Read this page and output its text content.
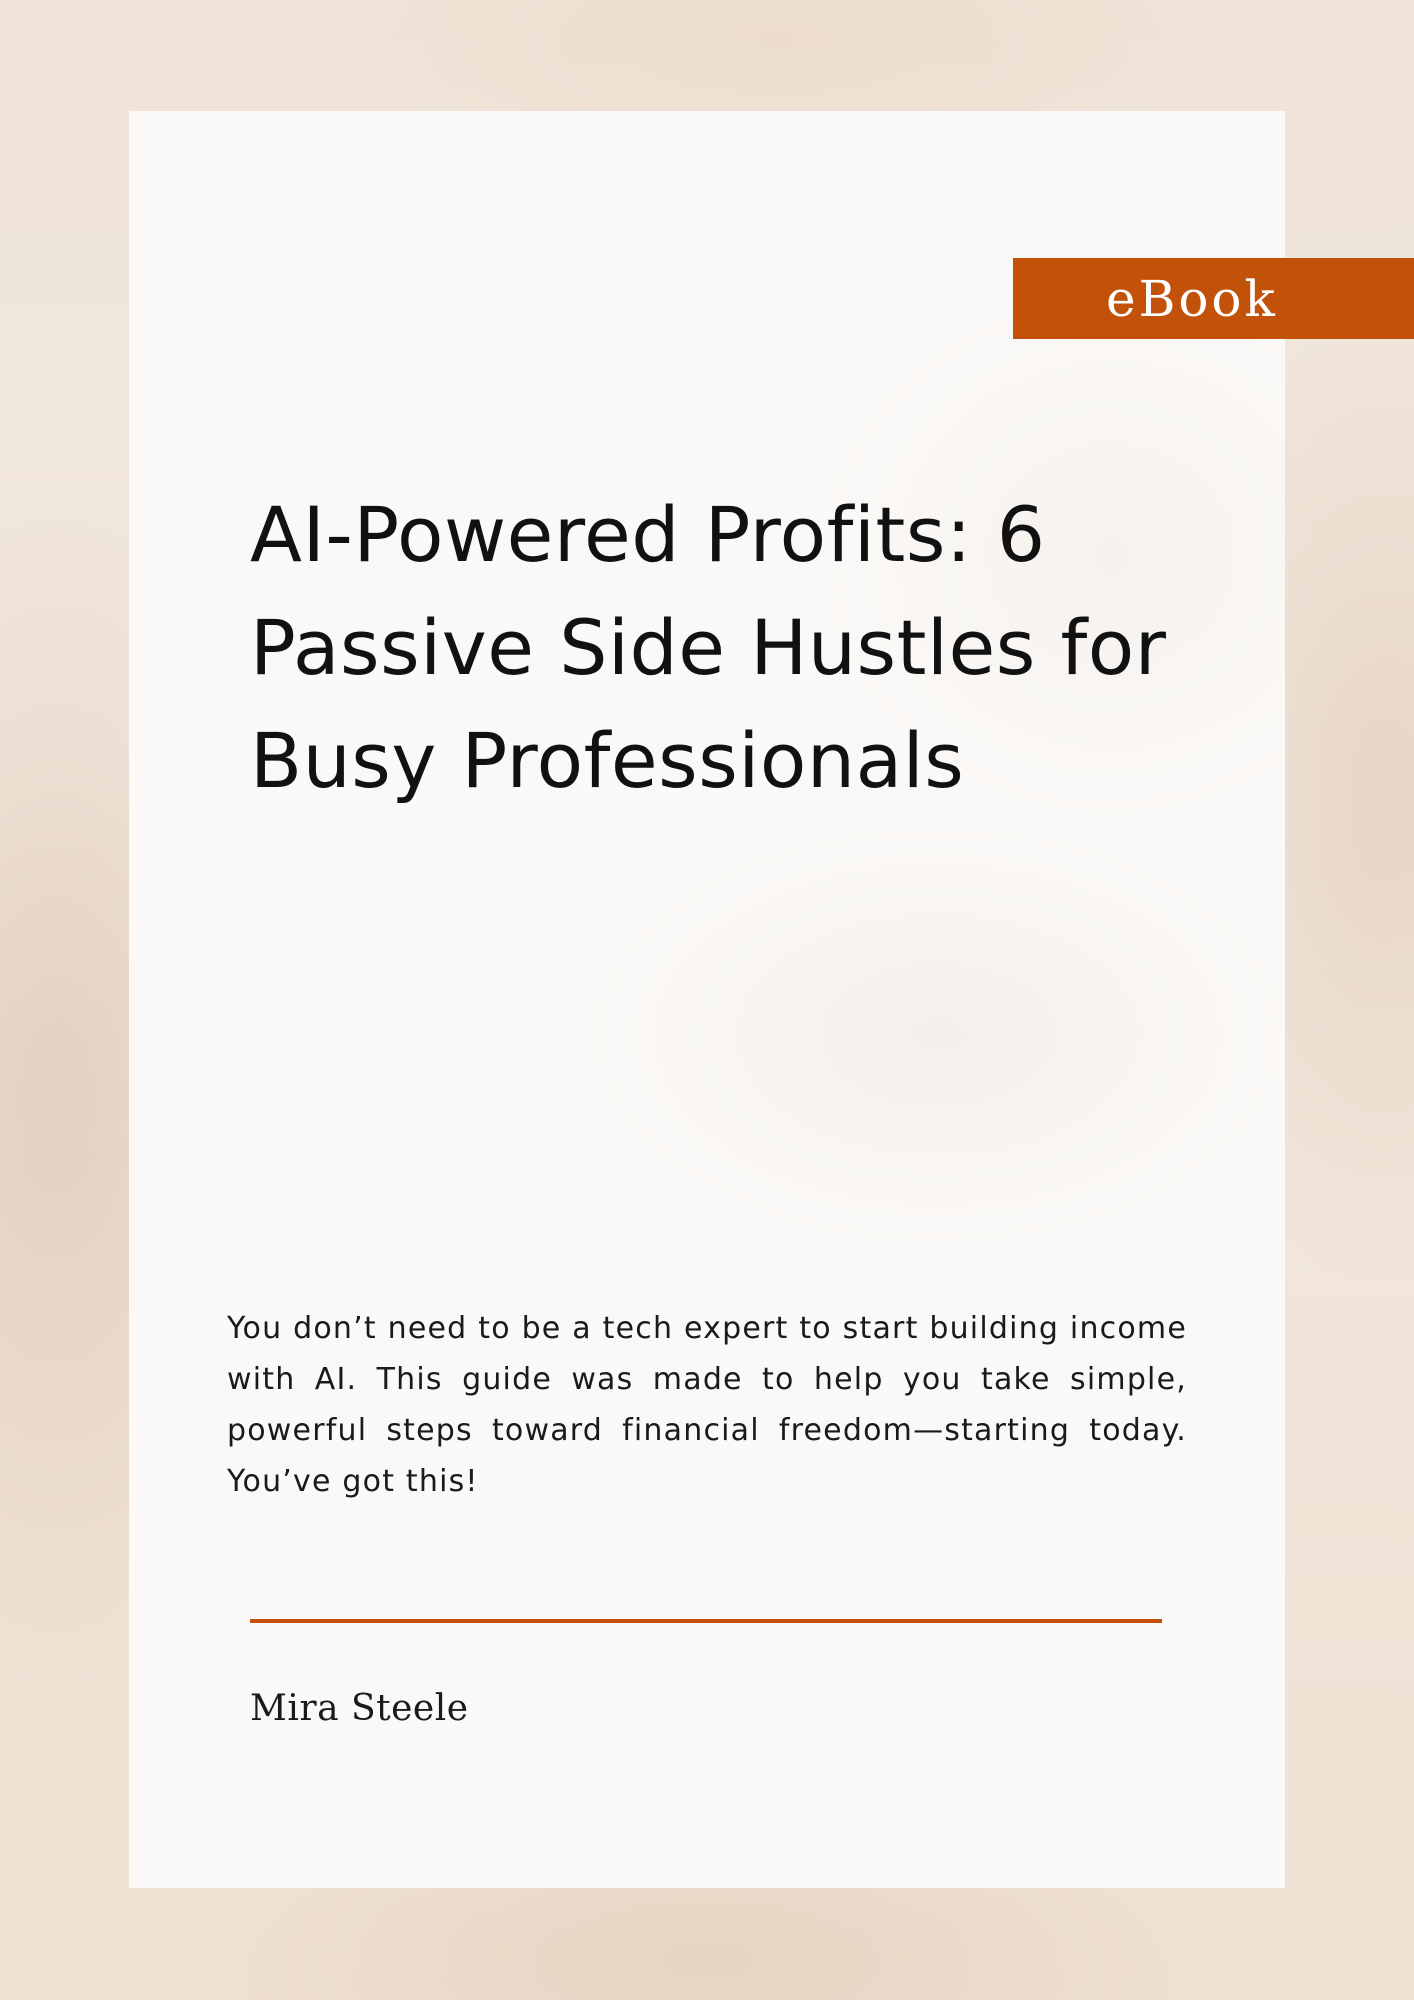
eBook
AI-Powered Profits: 6 Passive Side Hustles for Busy Professionals

You don’t need to be a tech expert to start building income with AI. This guide was made to help you take simple, powerful steps toward financial freedom—starting today. You’ve got this!

Mira Steele
